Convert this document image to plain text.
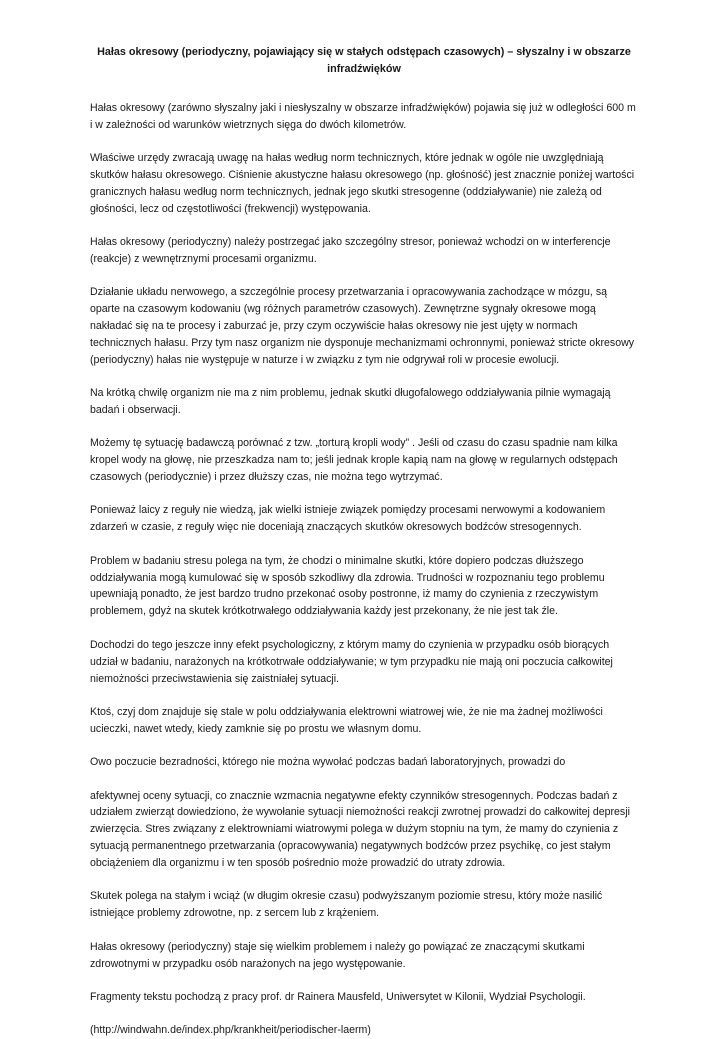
Hałas okresowy (periodyczny, pojawiający się w stałych odstępach czasowych) – słyszalny i w obszarze infradźwięków

Hałas okresowy (zarówno słyszalny jaki i niesłyszalny w obszarze infradźwięków) pojawia się już w odległości 600 m i w zależności od warunków wietrznych sięga do dwóch kilometrów.

Właściwe urzędy zwracają uwagę na hałas według norm technicznych, które jednak w ogóle nie uwzględniają skutków hałasu okresowego. Ciśnienie akustyczne hałasu okresowego (np. głośność) jest znacznie poniżej wartości granicznych hałasu według norm technicznych, jednak jego skutki stresogenne (oddziaływanie) nie zależą od głośności, lecz od częstotliwości (frekwencji) występowania.

Hałas okresowy (periodyczny) należy postrzegać jako szczególny stresor, ponieważ wchodzi on w interferencje (reakcje) z wewnętrznymi procesami organizmu.

Działanie układu nerwowego, a szczególnie procesy przetwarzania i opracowywania zachodzące w mózgu, są oparte na czasowym kodowaniu (wg różnych parametrów czasowych). Zewnętrzne sygnały okresowe mogą nakładać się na te procesy i zaburzać je, przy czym oczywiście hałas okresowy nie jest ujęty w normach technicznych hałasu. Przy tym nasz organizm nie dysponuje mechanizmami ochronnymi, ponieważ stricte okresowy (periodyczny) hałas nie występuje w naturze i w związku z tym nie odgrywał roli w procesie ewolucji.

Na krótką chwilę organizm nie ma z nim problemu, jednak skutki długofalowego oddziaływania pilnie wymagają badań i obserwacji.

Możemy tę sytuację badawczą porównać z tzw. „torturą kropli wody” . Jeśli od czasu do czasu spadnie nam kilka kropel wody na głowę, nie przeszkadza nam to; jeśli jednak krople kapią nam na głowę w regularnych odstępach czasowych (periodycznie) i przez dłuższy czas, nie można tego wytrzymać.

Ponieważ laicy z reguły nie wiedzą, jak wielki istnieje związek pomiędzy procesami nerwowymi a kodowaniem zdarzeń w czasie, z reguły więc nie doceniają znaczących skutków okresowych bodźców stresogennych.

Problem w badaniu stresu polega na tym, że chodzi o minimalne skutki, które dopiero podczas dłuższego oddziaływania mogą kumulować się w sposób szkodliwy dla zdrowia. Trudności w rozpoznaniu tego problemu upewniają ponadto, że jest bardzo trudno przekonać osoby postronne, iż mamy do czynienia z rzeczywistym problemem, gdyż na skutek krótkotrwałego oddziaływania każdy jest przekonany, że nie jest tak źle.

Dochodzi do tego jeszcze inny efekt psychologiczny, z którym mamy do czynienia w przypadku osób biorących udział w badaniu, narażonych na krótkotrwałe oddziaływanie; w tym przypadku nie mają oni poczucia całkowitej niemożności przeciwstawienia się zaistniałej sytuacji.

Ktoś, czyj dom znajduje się stale w polu oddziaływania elektrowni wiatrowej wie, że nie ma żadnej możliwości ucieczki, nawet wtedy, kiedy zamknie się po prostu we własnym domu.

Owo poczucie bezradności, którego nie można wywołać podczas badań laboratoryjnych, prowadzi do

afektywnej oceny sytuacji, co znacznie wzmacnia negatywne efekty czynników stresogennych. Podczas badań z udziałem zwierząt dowiedziono, że wywołanie sytuacji niemożności reakcji zwrotnej prowadzi do całkowitej depresji zwierzęcia. Stres związany z elektrowniami wiatrowymi polega w dużym stopniu na tym, że mamy do czynienia z sytuacją permanentnego przetwarzania (opracowywania) negatywnych bodźców przez psychikę, co jest stałym obciążeniem dla organizmu i w ten sposób pośrednio może prowadzić do utraty zdrowia.

Skutek polega na stałym i wciąż (w długim okresie czasu) podwyższanym poziomie stresu, który może nasilić istniejące problemy zdrowotne, np. z sercem lub z krążeniem.

Hałas okresowy (periodyczny) staje się wielkim problemem i należy go powiązać ze znaczącymi skutkami zdrowotnymi w przypadku osób narażonych na jego występowanie.

Fragmenty tekstu pochodzą z pracy prof. dr Rainera Mausfeld, Uniwersytet w Kilonii, Wydział Psychologii.

(http://windwahn.de/index.php/krankheit/periodischer-laerm)
